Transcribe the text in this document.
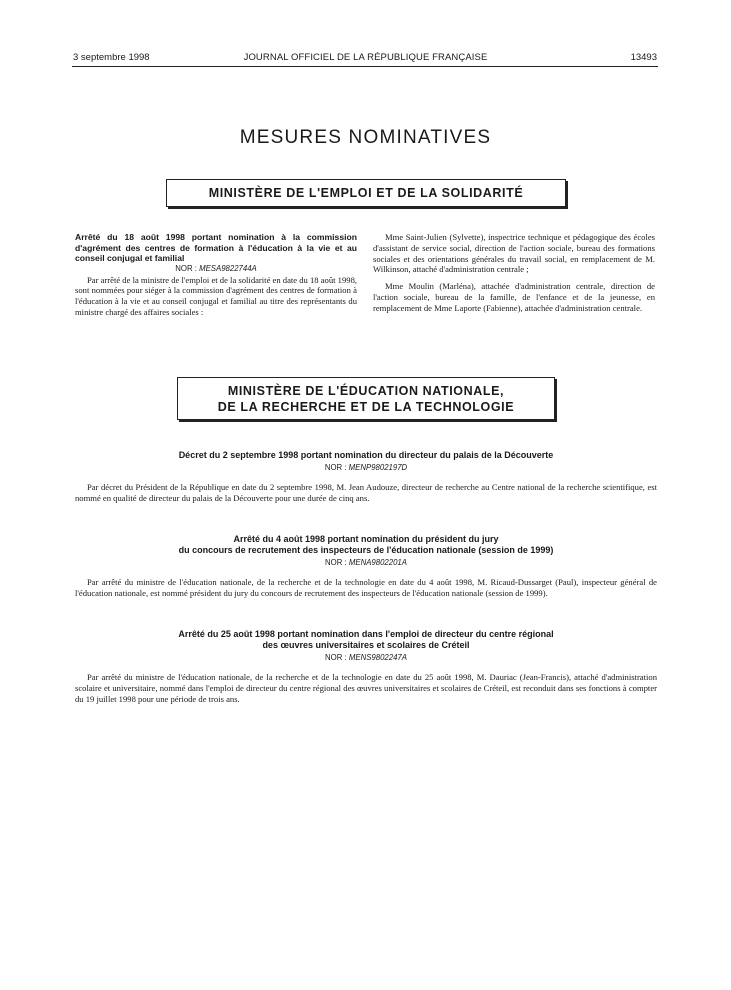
3 septembre 1998	JOURNAL OFFICIEL DE LA RÉPUBLIQUE FRANÇAISE	13493
MESURES NOMINATIVES
MINISTÈRE DE L'EMPLOI ET DE LA SOLIDARITÉ

Arrêté du 18 août 1998 portant nomination à la commission d'agrément des centres de formation à l'éducation à la vie et au conseil conjugal et familial

NOR : MESA9822744A

Par arrêté de la ministre de l'emploi et de la solidarité en date du 18 août 1998, sont nommées pour siéger à la commission d'agrément des centres de formation à l'éducation à la vie et au conseil conjugal et familial au titre des représentants du ministre chargé des affaires sociales :

Mme Saint-Julien (Sylvette), inspectrice technique et pédagogique des écoles d'assistant de service social, direction de l'action sociale, bureau des formations sociales et des orientations générales du travail social, en remplacement de M. Wilkinson, attaché d'administration centrale ;

Mme Moulin (Marléna), attachée d'administration centrale, direction de l'action sociale, bureau de la famille, de l'enfance et de la jeunesse, en remplacement de Mme Laporte (Fabienne), attachée d'administration centrale.

MINISTÈRE DE L'ÉDUCATION NATIONALE,
DE LA RECHERCHE ET DE LA TECHNOLOGIE
Décret du 2 septembre 1998 portant nomination du directeur du palais de la Découverte

NOR : MENP9802197D

Par décret du Président de la République en date du 2 septembre 1998, M. Jean Audouze, directeur de recherche au Centre national de la recherche scientifique, est nommé en qualité de directeur du palais de la Découverte pour une durée de cinq ans.

Arrêté du 4 août 1998 portant nomination du président du jury
du concours de recrutement des inspecteurs de l'éducation nationale (session de 1999)

NOR : MENA9802201A

Par arrêté du ministre de l'éducation nationale, de la recherche et de la technologie en date du 4 août 1998, M. Ricaud-Dussarget (Paul), inspecteur général de l'éducation nationale, est nommé président du jury du concours de recrutement des inspecteurs de l'éducation nationale (session de 1999).

Arrêté du 25 août 1998 portant nomination dans l'emploi de directeur du centre régional
des œuvres universitaires et scolaires de Créteil

NOR : MENS9802247A

Par arrêté du ministre de l'éducation nationale, de la recherche et de la technologie en date du 25 août 1998, M. Dauriac (Jean-Francis), attaché d'administration scolaire et universitaire, nommé dans l'emploi de directeur du centre régional des œuvres universitaires et scolaires de Créteil, est reconduit dans ses fonctions à compter du 19 juillet 1998 pour une période de trois ans.
